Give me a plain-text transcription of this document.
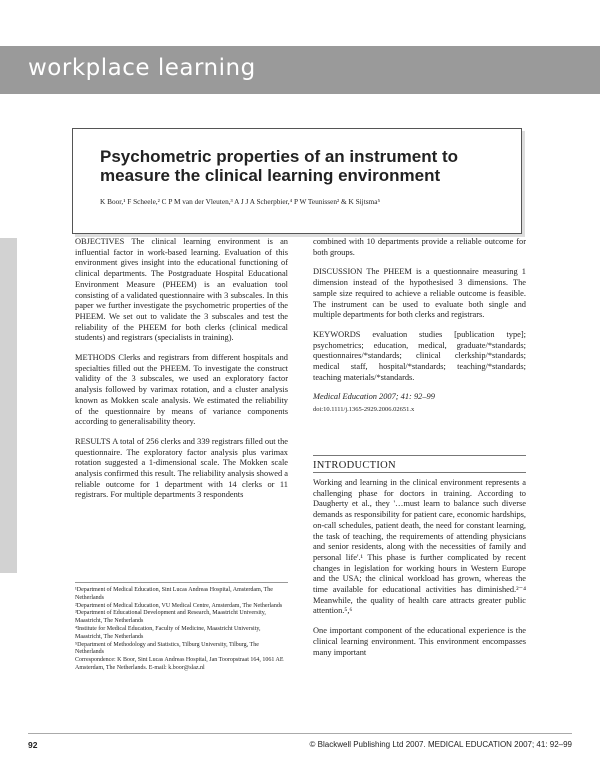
workplace learning
Psychometric properties of an instrument to measure the clinical learning environment
K Boor,¹ F Scheele,² C P M van der Vleuten,³ A J J A Scherpbier,⁴ P W Teunissen² & K Sijtsma⁵

OBJECTIVES The clinical learning environment is an influential factor in work-based learning. Evaluation of this environment gives insight into the educational functioning of clinical departments. The Postgraduate Hospital Educational Environment Measure (PHEEM) is an evaluation tool consisting of a validated questionnaire with 3 subscales. In this paper we further investigate the psychometric properties of the PHEEM. We set out to validate the 3 subscales and test the reliability of the PHEEM for both clerks (clinical medical students) and registrars (specialists in training).

METHODS Clerks and registrars from different hospitals and specialties filled out the PHEEM. To investigate the construct validity of the 3 subscales, we used an exploratory factor analysis followed by varimax rotation, and a cluster analysis known as Mokken scale analysis. We estimated the reliability of the questionnaire by means of variance components according to generalisability theory.

RESULTS A total of 256 clerks and 339 registrars filled out the questionnaire. The exploratory factor analysis plus varimax rotation suggested a 1-dimensional scale. The Mokken scale analysis confirmed this result. The reliability analysis showed a reliable outcome for 1 department with 14 clerks or 11 registrars. For multiple departments 3 respondents

combined with 10 departments provide a reliable outcome for both groups.

DISCUSSION The PHEEM is a questionnaire measuring 1 dimension instead of the hypothesised 3 dimensions. The sample size required to achieve a reliable outcome is feasible. The instrument can be used to evaluate both single and multiple departments for both clerks and registrars.

KEYWORDS evaluation studies [publication type]; psychometrics; education, medical, graduate/*standards; questionnaires/*standards; clinical clerkship/*standards; medical staff, hospital/*standards; teaching/*standards; teaching materials/*standards.

Medical Education 2007; 41: 92–99

doi:10.1111/j.1365-2929.2006.02651.x

INTRODUCTION

Working and learning in the clinical environment represents a challenging phase for doctors in training. According to Daugherty et al., they '…must learn to balance such diverse demands as responsibility for patient care, economic hardships, on-call schedules, patient death, the need for constant learning, the task of teaching, the requirements of attending physicians and senior residents, along with the necessities of family and personal life'.¹ This phase is further complicated by recent changes in legislation for working hours in Western Europe and the USA; the clinical workload has grown, whereas the time available for educational activities has diminished.²⁻⁴ Meanwhile, the quality of health care attracts greater public attention.⁵,⁶

One important component of the educational experience is the clinical learning environment. This environment encompasses many important

¹Department of Medical Education, Sint Lucas Andreas Hospital, Amsterdam, The Netherlands
²Department of Medical Education, VU Medical Centre, Amsterdam, The Netherlands
³Department of Educational Development and Research, Maastricht University, Maastricht, The Netherlands
⁴Institute for Medical Education, Faculty of Medicine, Maastricht University, Maastricht, The Netherlands
⁵Department of Methodology and Statistics, Tilburg University, Tilburg, The Netherlands
Correspondence: K Boor, Sint Lucas Andreas Hospital, Jan Tooropstraat 164, 1061 AE Amsterdam, The Netherlands. E-mail: k.boor@slaz.nl
92	© Blackwell Publishing Ltd 2007. MEDICAL EDUCATION 2007; 41: 92–99
